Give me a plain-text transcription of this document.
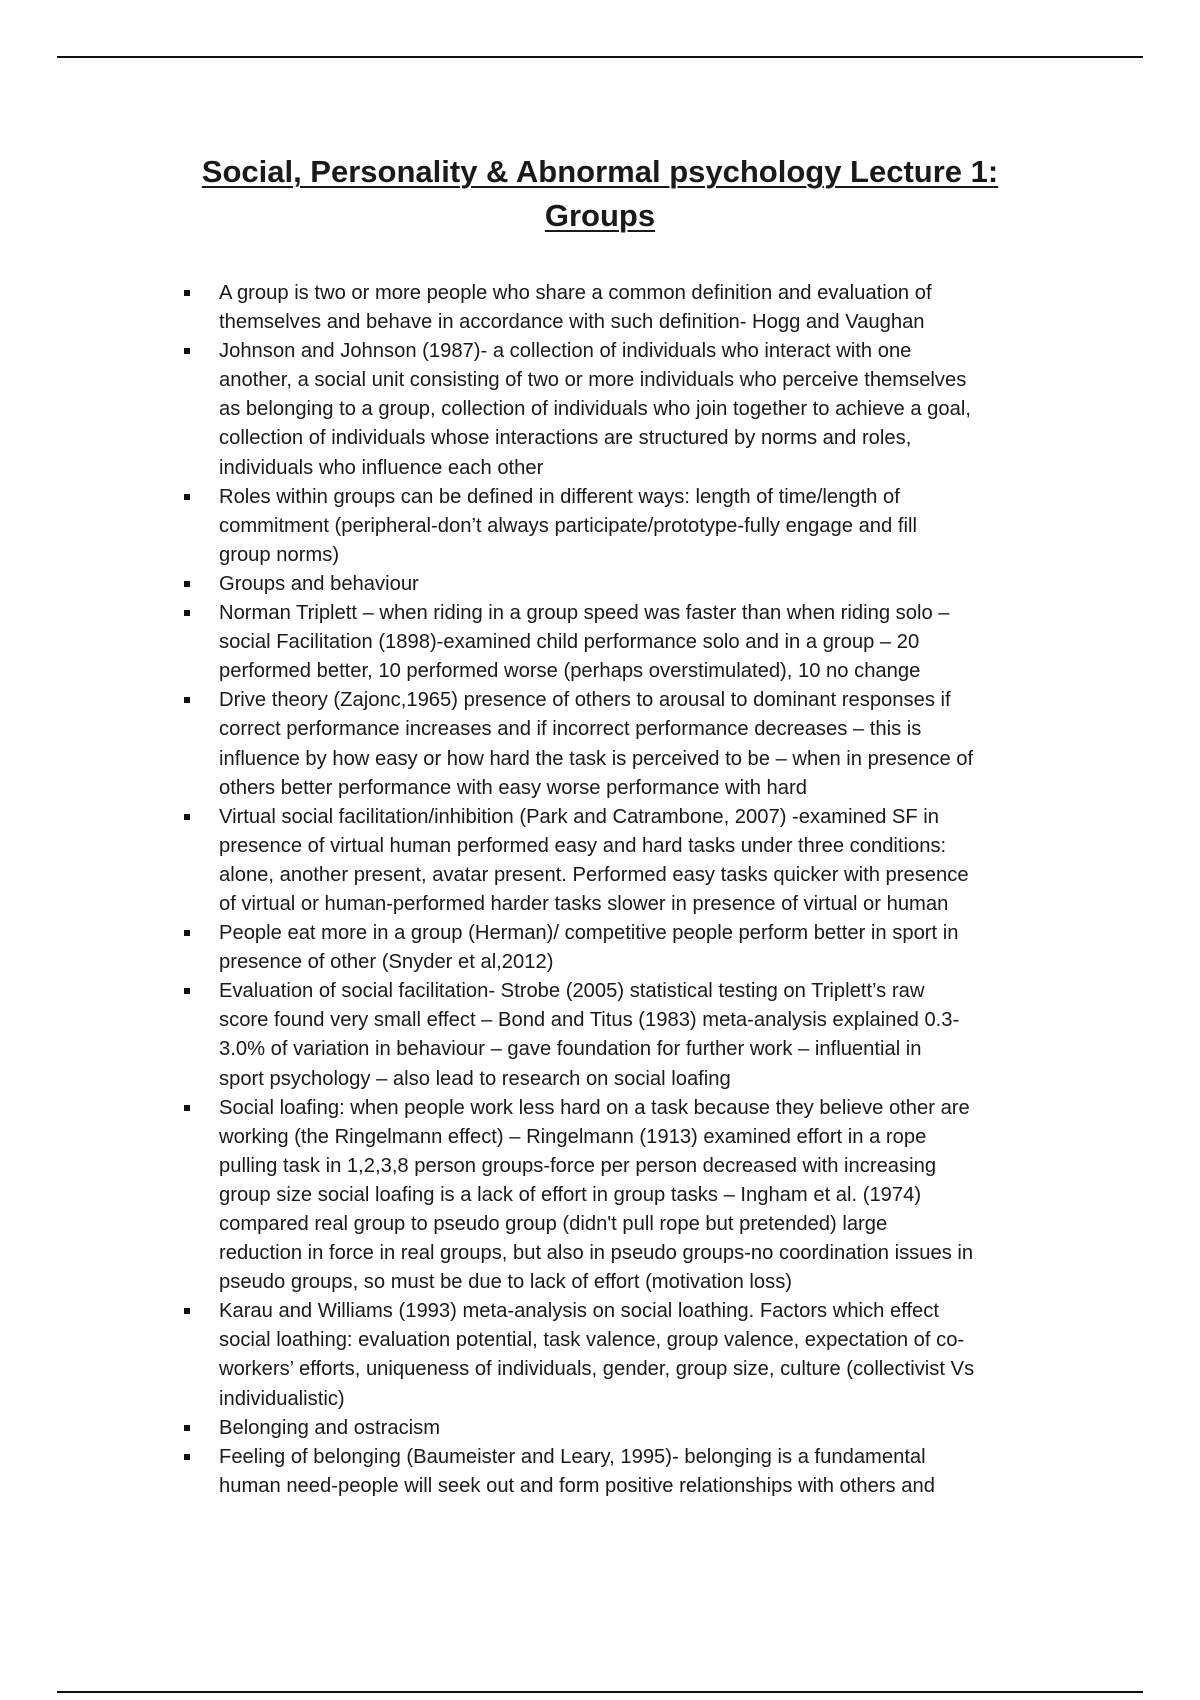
Social, Personality & Abnormal psychology Lecture 1:
Groups
A group is two or more people who share a common definition and evaluation of
themselves and behave in accordance with such definition- Hogg and Vaughan
Johnson and Johnson (1987)- a collection of individuals who interact with one
another, a social unit consisting of two or more individuals who perceive themselves
as belonging to a group, collection of individuals who join together to achieve a goal,
collection of individuals whose interactions are structured by norms and roles,
individuals who influence each other
Roles within groups can be defined in different ways: length of time/length of
commitment (peripheral-don’t always participate/prototype-fully engage and fill
group norms)
Groups and behaviour
Norman Triplett – when riding in a group speed was faster than when riding solo –
social Facilitation (1898)-examined child performance solo and in a group – 20
performed better, 10 performed worse (perhaps overstimulated), 10 no change
Drive theory (Zajonc,1965) presence of others to arousal to dominant responses if
correct performance increases and if incorrect performance decreases – this is
influence by how easy or how hard the task is perceived to be – when in presence of
others better performance with easy worse performance with hard
Virtual social facilitation/inhibition (Park and Catrambone, 2007) -examined SF in
presence of virtual human performed easy and hard tasks under three conditions:
alone, another present, avatar present. Performed easy tasks quicker with presence
of virtual or human-performed harder tasks slower in presence of virtual or human
People eat more in a group (Herman)/ competitive people perform better in sport in
presence of other (Snyder et al,2012)
Evaluation of social facilitation- Strobe (2005) statistical testing on Triplett’s raw
score found very small effect – Bond and Titus (1983) meta-analysis explained 0.3-
3.0% of variation in behaviour – gave foundation for further work – influential in
sport psychology – also lead to research on social loafing
Social loafing: when people work less hard on a task because they believe other are
working (the Ringelmann effect) – Ringelmann (1913) examined effort in a rope
pulling task in 1,2,3,8 person groups-force per person decreased with increasing
group size social loafing is a lack of effort in group tasks – Ingham et al. (1974)
compared real group to pseudo group (didn't pull rope but pretended) large
reduction in force in real groups, but also in pseudo groups-no coordination issues in
pseudo groups, so must be due to lack of effort (motivation loss)
Karau and Williams (1993) meta-analysis on social loathing. Factors which effect
social loathing: evaluation potential, task valence, group valence, expectation of co-
workers’ efforts, uniqueness of individuals, gender, group size, culture (collectivist Vs
individualistic)
Belonging and ostracism
Feeling of belonging (Baumeister and Leary, 1995)- belonging is a fundamental
human need-people will seek out and form positive relationships with others and
